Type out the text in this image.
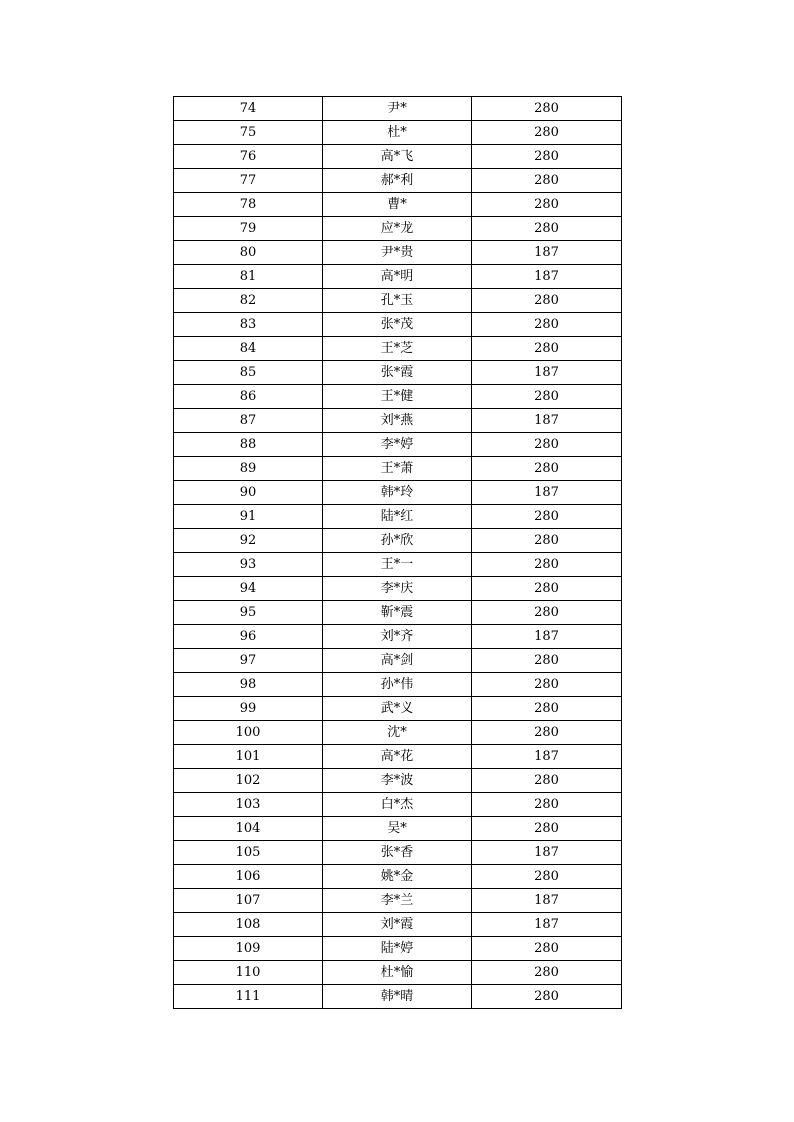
74	尹*	280
75	杜*	280
76	高*飞	280
77	郝*利	280
78	曹*	280
79	应*龙	280
80	尹*贵	187
81	高*明	187
82	孔*玉	280
83	张*茂	280
84	王*芝	280
85	张*霞	187
86	王*健	280
87	刘*燕	187
88	李*婷	280
89	王*萧	280
90	韩*玲	187
91	陆*红	280
92	孙*欣	280
93	王*一	280
94	李*庆	280
95	靳*震	280
96	刘*齐	187
97	高*剑	280
98	孙*伟	280
99	武*义	280
100	沈*	280
101	高*花	187
102	李*波	280
103	白*杰	280
104	吴*	280
105	张*香	187
106	姚*金	280
107	李*兰	187
108	刘*霞	187
109	陆*婷	280
110	杜*愉	280
111	韩*晴	280
